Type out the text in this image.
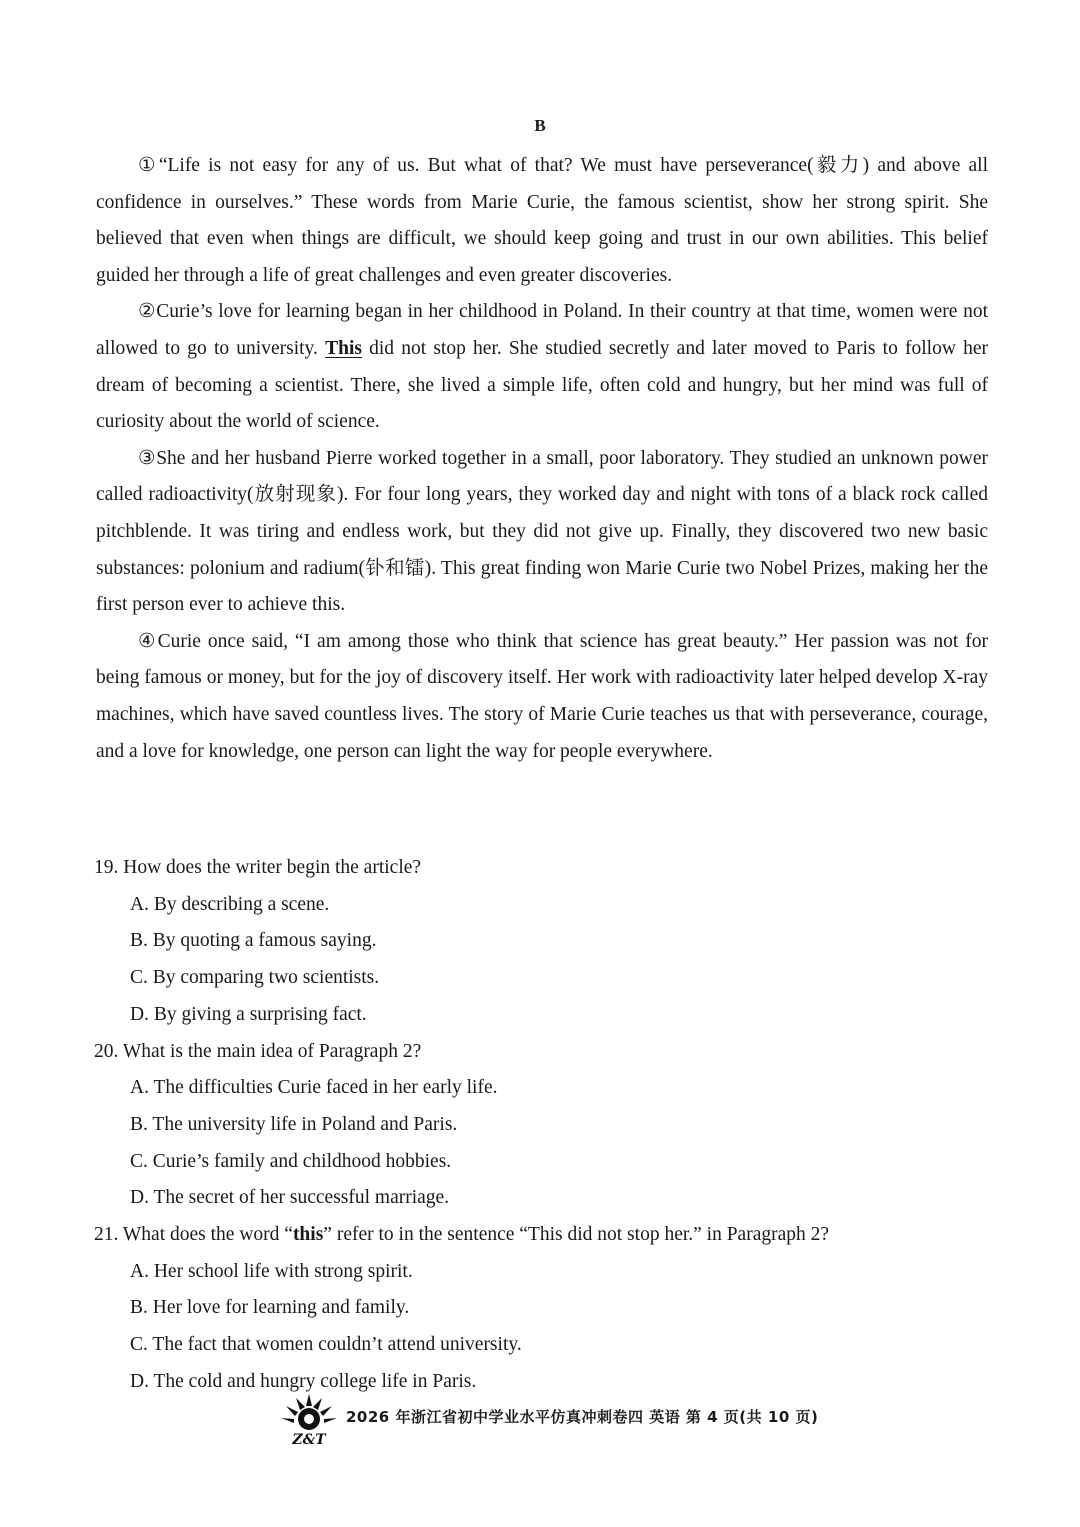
B

①“Life is not easy for any of us. But what of that? We must have perseverance(毅力) and above all confidence in ourselves.” These words from Marie Curie, the famous scientist, show her strong spirit. She believed that even when things are difficult, we should keep going and trust in our own abilities. This belief guided her through a life of great challenges and even greater discoveries.

②Curie’s love for learning began in her childhood in Poland. In their country at that time, women were not allowed to go to university. This did not stop her. She studied secretly and later moved to Paris to follow her dream of becoming a scientist. There, she lived a simple life, often cold and hungry, but her mind was full of curiosity about the world of science.

③She and her husband Pierre worked together in a small, poor laboratory. They studied an unknown power called radioactivity(放射现象). For four long years, they worked day and night with tons of a black rock called pitchblende. It was tiring and endless work, but they did not give up. Finally, they discovered two new basic substances: polonium and radium(钋和镭). This great finding won Marie Curie two Nobel Prizes, making her the first person ever to achieve this.

④Curie once said, “I am among those who think that science has great beauty.” Her passion was not for being famous or money, but for the joy of discovery itself. Her work with radioactivity later helped develop X-ray machines, which have saved countless lives. The story of Marie Curie teaches us that with perseverance, courage, and a love for knowledge, one person can light the way for people everywhere.

19. How does the writer begin the article?

A. By describing a scene.

B. By quoting a famous saying.

C. By comparing two scientists.

D. By giving a surprising fact.

20. What is the main idea of Paragraph 2?

A. The difficulties Curie faced in her early life.

B. The university life in Poland and Paris.

C. Curie’s family and childhood hobbies.

D. The secret of her successful marriage.

21. What does the word “this” refer to in the sentence “This did not stop her.” in Paragraph 2?

A. Her school life with strong spirit.

B. Her love for learning and family.

C. The fact that women couldn’t attend university.

D. The cold and hungry college life in Paris.

Z&T
2026 年浙江省初中学业水平仿真冲刺卷四 英语 第 4 页(共 10 页)
